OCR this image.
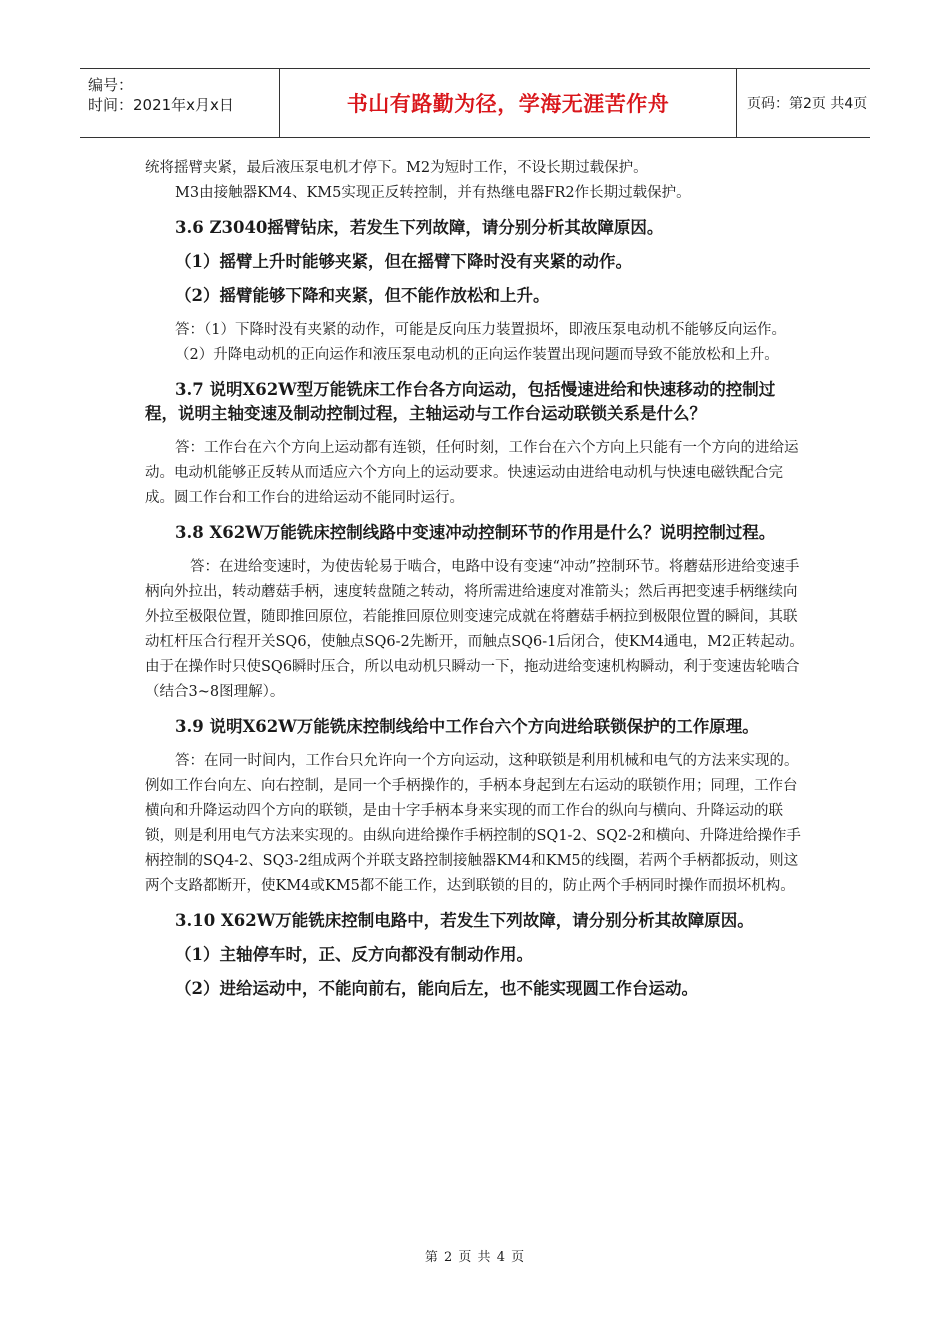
编号：
时间：2021年x月x日	书山有路勤为径，学海无涯苦作舟	页码：第2页 共4页

统将摇臂夹紧，最后液压泵电机才停下。M2为短时工作，不设长期过载保护。

M3由接触器KM4、KM5实现正反转控制，并有热继电器FR2作长期过载保护。

3.6 Z3040摇臂钻床，若发生下列故障，请分别分析其故障原因。

（1）摇臂上升时能够夹紧，但在摇臂下降时没有夹紧的动作。

（2）摇臂能够下降和夹紧，但不能作放松和上升。

答：（1）下降时没有夹紧的动作，可能是反向压力装置损坏，即液压泵电动机不能够反向运作。

（2）升降电动机的正向运作和液压泵电动机的正向运作装置出现问题而导致不能放松和上升。

3.7 说明X62W型万能铣床工作台各方向运动，包括慢速进给和快速移动的控制过程，说明主轴变速及制动控制过程，主轴运动与工作台运动联锁关系是什么？

答：工作台在六个方向上运动都有连锁，任何时刻，工作台在六个方向上只能有一个方向的进给运动。电动机能够正反转从而适应六个方向上的运动要求。快速运动由进给电动机与快速电磁铁配合完成。圆工作台和工作台的进给运动不能同时运行。

3.8 X62W万能铣床控制线路中变速冲动控制环节的作用是什么？说明控制过程。

答：在进给变速时，为使齿轮易于啮合，电路中设有变速“冲动”控制环节。将蘑菇形进给变速手柄向外拉出，转动蘑菇手柄，速度转盘随之转动，将所需进给速度对准箭头；然后再把变速手柄继续向外拉至极限位置，随即推回原位，若能推回原位则变速完成就在将蘑菇手柄拉到极限位置的瞬间，其联动杠杆压合行程开关SQ6，使触点SQ6-2先断开，而触点SQ6-1后闭合，使KM4通电，M2正转起动。由于在操作时只使SQ6瞬时压合，所以电动机只瞬动一下，拖动进给变速机构瞬动，利于变速齿轮啮合（结合3~8图理解）。

3.9 说明X62W万能铣床控制线给中工作台六个方向进给联锁保护的工作原理。

答：在同一时间内，工作台只允许向一个方向运动，这种联锁是利用机械和电气的方法来实现的。例如工作台向左、向右控制，是同一个手柄操作的，手柄本身起到左右运动的联锁作用；同理，工作台横向和升降运动四个方向的联锁，是由十字手柄本身来实现的而工作台的纵向与横向、升降运动的联锁，则是利用电气方法来实现的。由纵向进给操作手柄控制的SQ1-2、SQ2-2和横向、升降进给操作手柄控制的SQ4-2、SQ3-2组成两个并联支路控制接触器KM4和KM5的线圈，若两个手柄都扳动，则这两个支路都断开，使KM4或KM5都不能工作，达到联锁的目的，防止两个手柄同时操作而损坏机构。

3.10 X62W万能铣床控制电路中，若发生下列故障，请分别分析其故障原因。

（1）主轴停车时，正、反方向都没有制动作用。

（2）进给运动中，不能向前右，能向后左，也不能实现圆工作台运动。

第 2 页 共 4 页
